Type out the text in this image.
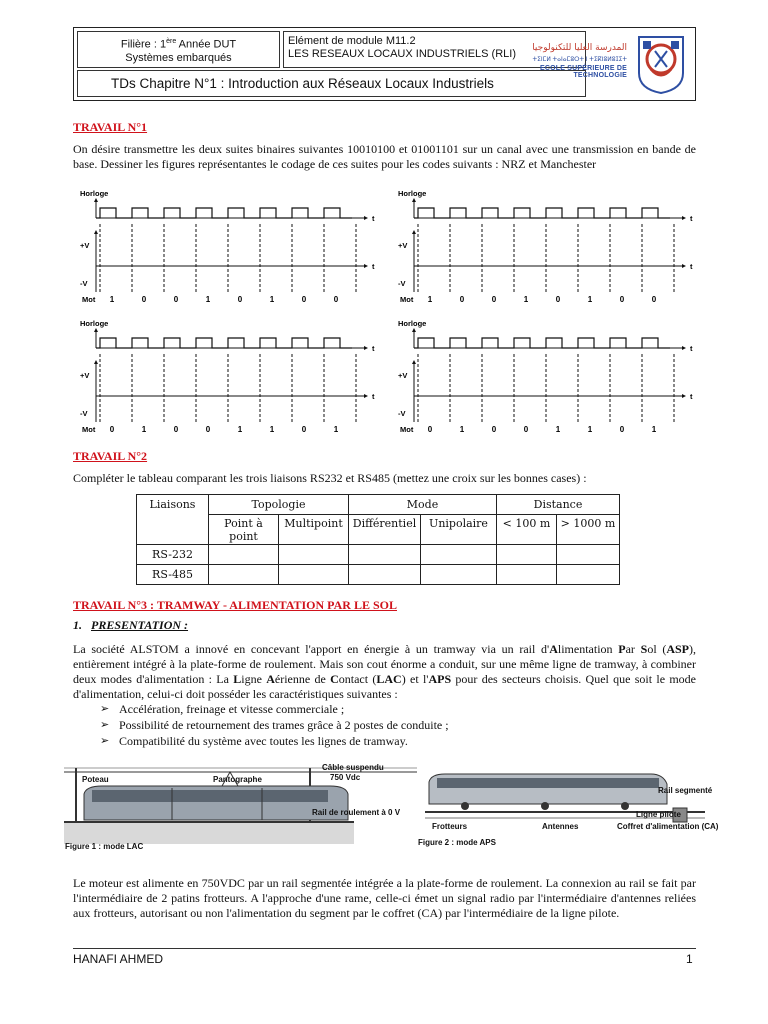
Filière : 1ère Année DUT
Systèmes embarqués
Elément de module M11.2
LES RESEAUX LOCAUX INDUSTRIELS (RLI)
TDs Chapitre N°1 : Introduction aux Réseaux Locaux Industriels
المدرسة العليا للتكنولوجيا
ⵜⵉⵏⵎⵍ ⵜⴰⵏⴰⵎⵓⵔⵜ ⵏ ⵜⵉⴽⵏⵓⵍⵓⵊⵉⵜ
ECOLE SUPÉRIEURE DE TECHNOLOGIE
TRAVAIL N°1
On désire transmettre les deux suites binaires suivantes 10010100 et 01001101 sur un canal avec une transmission en bande de base. Dessiner les figures représentantes le codage de ces suites pour les codes suivants : NRZ et Manchester
Horloge
+V
-V
Mot
t
t
1	0	0	1	0	1	0	0
Horloge
+V
-V
Mot
t
t
1	0	0	1	0	1	0	0
Horloge
+V
-V
Mot
t
t
0	1	0	0	1	1	0	1
Horloge
+V
-V
Mot
t
t
0	1	0	0	1	1	0	1
TRAVAIL N°2
Compléter le tableau comparant les trois liaisons RS232 et RS485 (mettez une croix sur les bonnes cases) :
Liaisons	Topologie		Mode		Distance	
	Point à point	Multipoint	Différentiel	Unipolaire	< 100 m	> 1000 m
RS-232						
RS-485						
TRAVAIL N°3 : TRAMWAY - ALIMENTATION PAR LE SOL
1. PRESENTATION :
La société ALSTOM a innové en concevant l'apport en énergie à un tramway via un rail d'Alimentation Par Sol (ASP), entièrement intégré à la plate-forme de roulement. Mais son cout énorme a conduit, sur une même ligne de tramway, à combiner deux modes d'alimentation : La Ligne Aérienne de Contact (LAC) et l'APS pour des secteurs choisis. Quel que soit le mode d'alimentation, celui-ci doit posséder les caractéristiques suivantes :
➢ Accélération, freinage et vitesse commerciale ;
➢ Possibilité de retournement des trames grâce à 2 postes de conduite ;
➢ Compatibilité du système avec toutes les lignes de tramway.
Poteau	Pantographe
Câble suspendu
750 Vdc
Rail de roulement à 0 V
Figure 1 : mode LAC
Rail segmenté
Ligne pilote
Frotteurs	Antennes	Coffret d'alimentation (CA)
Figure 2 : mode APS
Le moteur est alimente en 750VDC par un rail segmentée intégrée a la plate-forme de roulement. La connexion au rail se fait par l'intermédiaire de 2 patins frotteurs. A l'approche d'une rame, celle-ci émet un signal radio par l'intermédiaire d'antennes reliées aux frotteurs, autorisant ou non l'alimentation du segment par le coffret (CA) par l'intermédiaire de la ligne pilote.
HANAFI AHMED	1
